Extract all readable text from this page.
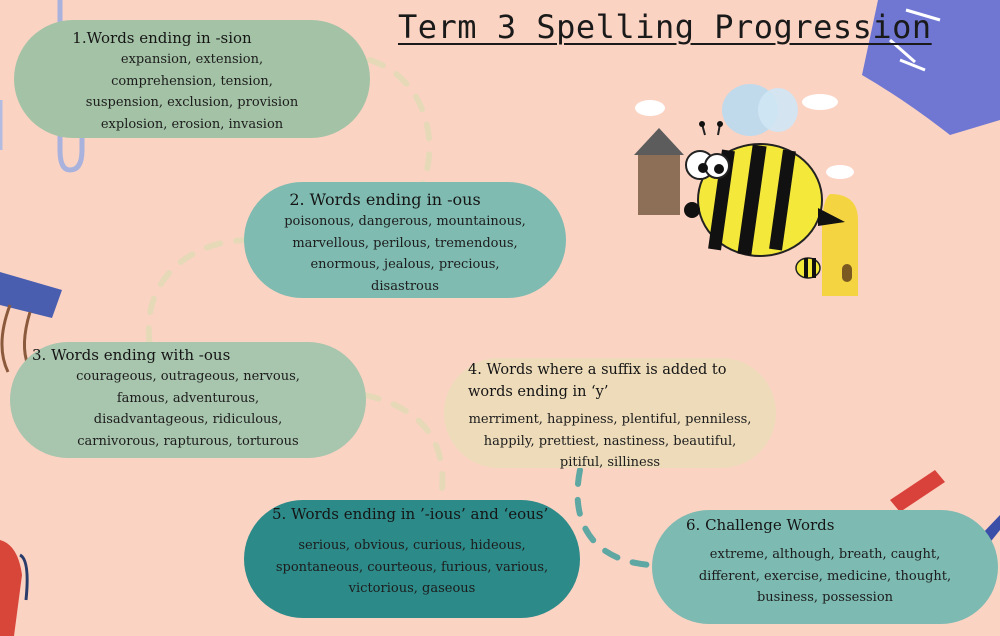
Term 3 Spelling Progression
1.Words ending in -sion
expansion, extension,
comprehension, tension,
suspension, exclusion, provision
explosion, erosion, invasion
2. Words ending in -ous
poisonous, dangerous, mountainous,
marvellous, perilous, tremendous,
enormous, jealous, precious,
disastrous
3. Words ending with -ous
courageous, outrageous, nervous,
famous, adventurous,
disadvantageous, ridiculous,
carnivorous, rapturous, torturous
4. Words where a suffix is added to
words ending in ‘y’
merriment, happiness, plentiful, penniless,
happily, prettiest, nastiness, beautiful,
pitiful, silliness
5. Words ending in ’-ious’ and ‘eous’
serious, obvious, curious, hideous,
spontaneous, courteous, furious, various,
victorious, gaseous
6. Challenge Words
extreme, although, breath, caught,
different, exercise, medicine, thought,
business, possession
